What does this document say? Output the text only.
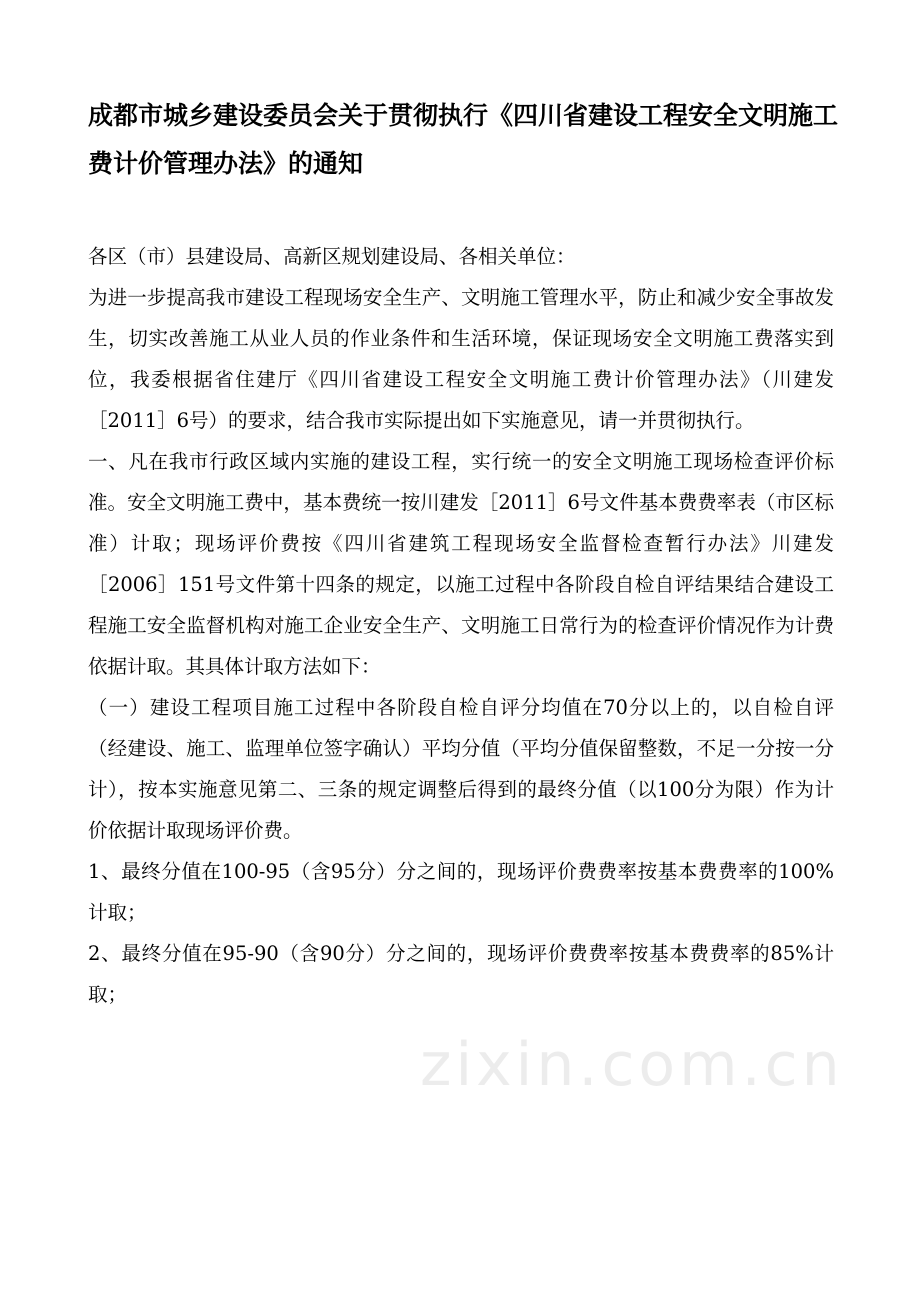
成都市城乡建设委员会关于贯彻执行《四川省建设工程安全文明施工费计价管理办法》的通知

各区（市）县建设局、高新区规划建设局、各相关单位：

为进一步提高我市建设工程现场安全生产、文明施工管理水平，防止和减少安全事故发生，切实改善施工从业人员的作业条件和生活环境，保证现场安全文明施工费落实到位，我委根据省住建厅《四川省建设工程安全文明施工费计价管理办法》（川建发［2011］6号）的要求，结合我市实际提出如下实施意见，请一并贯彻执行。

一、凡在我市行政区域内实施的建设工程，实行统一的安全文明施工现场检查评价标准。安全文明施工费中，基本费统一按川建发［2011］6号文件基本费费率表（市区标准）计取；现场评价费按《四川省建筑工程现场安全监督检查暂行办法》川建发［2006］151号文件第十四条的规定，以施工过程中各阶段自检自评结果结合建设工程施工安全监督机构对施工企业安全生产、文明施工日常行为的检查评价情况作为计费依据计取。其具体计取方法如下：

（一）建设工程项目施工过程中各阶段自检自评分均值在70分以上的，以自检自评（经建设、施工、监理单位签字确认）平均分值（平均分值保留整数，不足一分按一分计），按本实施意见第二、三条的规定调整后得到的最终分值（以100分为限）作为计价依据计取现场评价费。

1、最终分值在100-95（含95分）分之间的，现场评价费费率按基本费费率的100%计取；

2、最终分值在95-90（含90分）分之间的，现场评价费费率按基本费费率的85%计取；

zixin.com.cn
